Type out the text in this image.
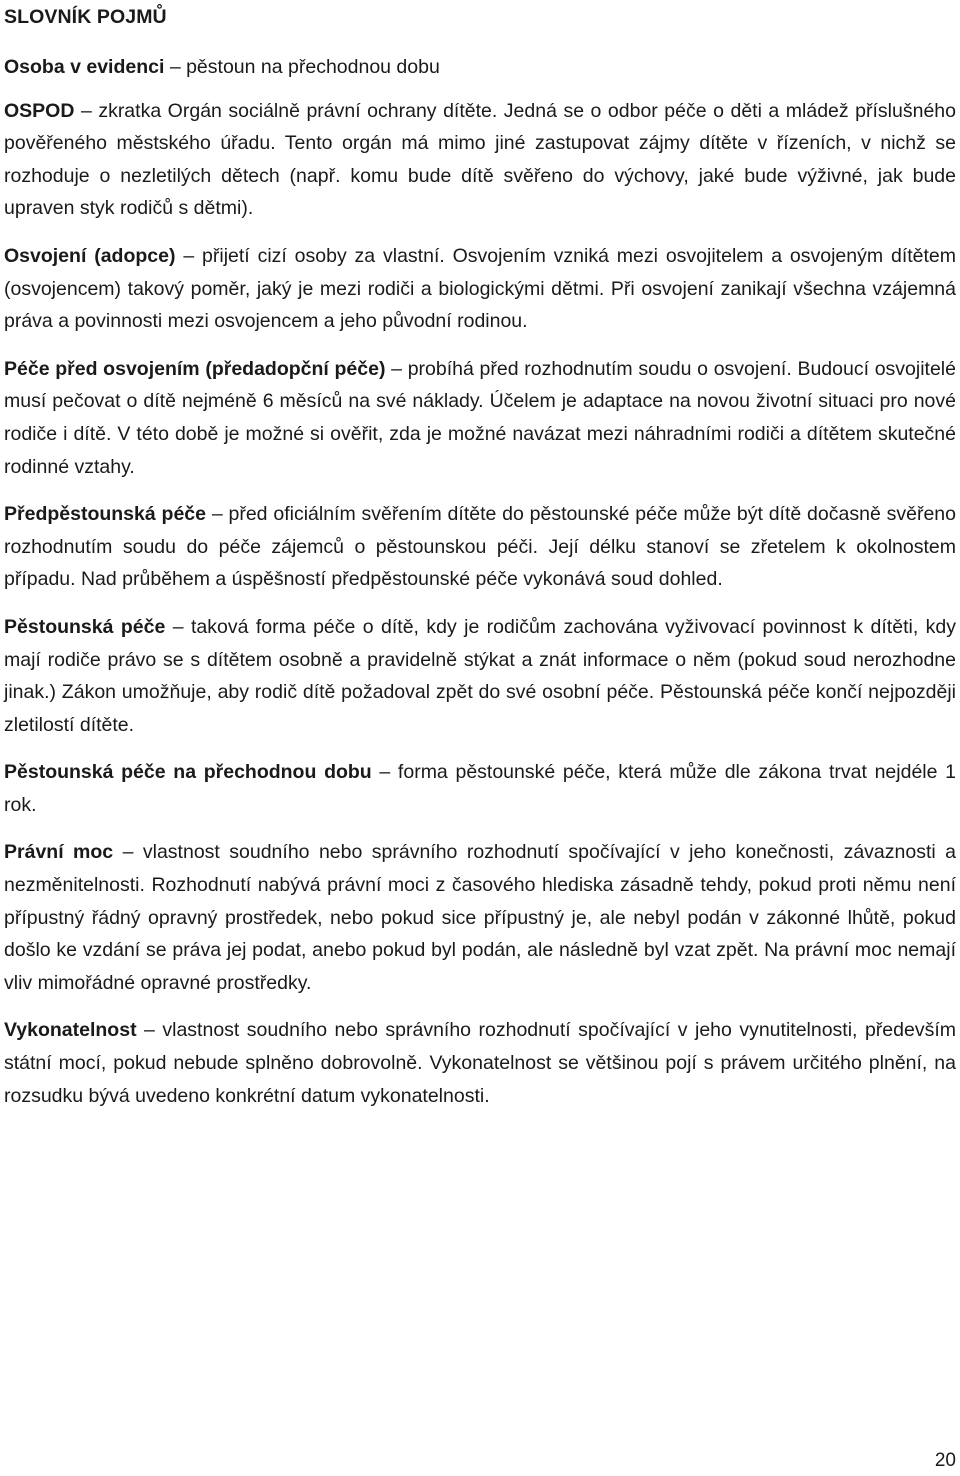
SLOVNÍK POJMŮ

Osoba v evidenci – pěstoun na přechodnou dobu

OSPOD – zkratka Orgán sociálně právní ochrany dítěte. Jedná se o odbor péče o děti a mládež příslušného pověřeného městského úřadu. Tento orgán má mimo jiné zastupovat zájmy dítěte v řízeních, v nichž se rozhoduje o nezletilých dětech (např. komu bude dítě svěřeno do výchovy, jaké bude výživné, jak bude upraven styk rodičů s dětmi).

Osvojení (adopce) – přijetí cizí osoby za vlastní. Osvojením vzniká mezi osvojitelem a osvojeným dítětem (osvojencem) takový poměr, jaký je mezi rodiči a biologickými dětmi. Při osvojení zanikají všechna vzájemná práva a povinnosti mezi osvojencem a jeho původní rodinou.

Péče před osvojením (předadopční péče) – probíhá před rozhodnutím soudu o osvojení. Budoucí osvojitelé musí pečovat o dítě nejméně 6 měsíců na své náklady. Účelem je adaptace na novou životní situaci pro nové rodiče i dítě. V této době je možné si ověřit, zda je možné navázat mezi náhradními rodiči a dítětem skutečné rodinné vztahy.

Předpěstounská péče – před oficiálním svěřením dítěte do pěstounské péče může být dítě dočasně svěřeno rozhodnutím soudu do péče zájemců o pěstounskou péči. Její délku stanoví se zřetelem k okolnostem případu. Nad průběhem a úspěšností předpěstounské péče vykonává soud dohled.

Pěstounská péče – taková forma péče o dítě, kdy je rodičům zachována vyživovací povinnost k dítěti, kdy mají rodiče právo se s dítětem osobně a pravidelně stýkat a znát informace o něm (pokud soud nerozhodne jinak.) Zákon umožňuje, aby rodič dítě požadoval zpět do své osobní péče. Pěstounská péče končí nejpozději zletilostí dítěte.

Pěstounská péče na přechodnou dobu – forma pěstounské péče, která může dle zákona trvat nejdéle 1 rok.

Právní moc – vlastnost soudního nebo správního rozhodnutí spočívající v jeho konečnosti, závaznosti a nezměnitelnosti. Rozhodnutí nabývá právní moci z časového hlediska zásadně tehdy, pokud proti němu není přípustný řádný opravný prostředek, nebo pokud sice přípustný je, ale nebyl podán v zákonné lhůtě, pokud došlo ke vzdání se práva jej podat, anebo pokud byl podán, ale následně byl vzat zpět. Na právní moc nemají vliv mimořádné opravné prostředky.

Vykonatelnost – vlastnost soudního nebo správního rozhodnutí spočívající v jeho vynutitelnosti, především státní mocí, pokud nebude splněno dobrovolně. Vykonatelnost se většinou pojí s právem určitého plnění, na rozsudku bývá uvedeno konkrétní datum vykonatelnosti.

20
